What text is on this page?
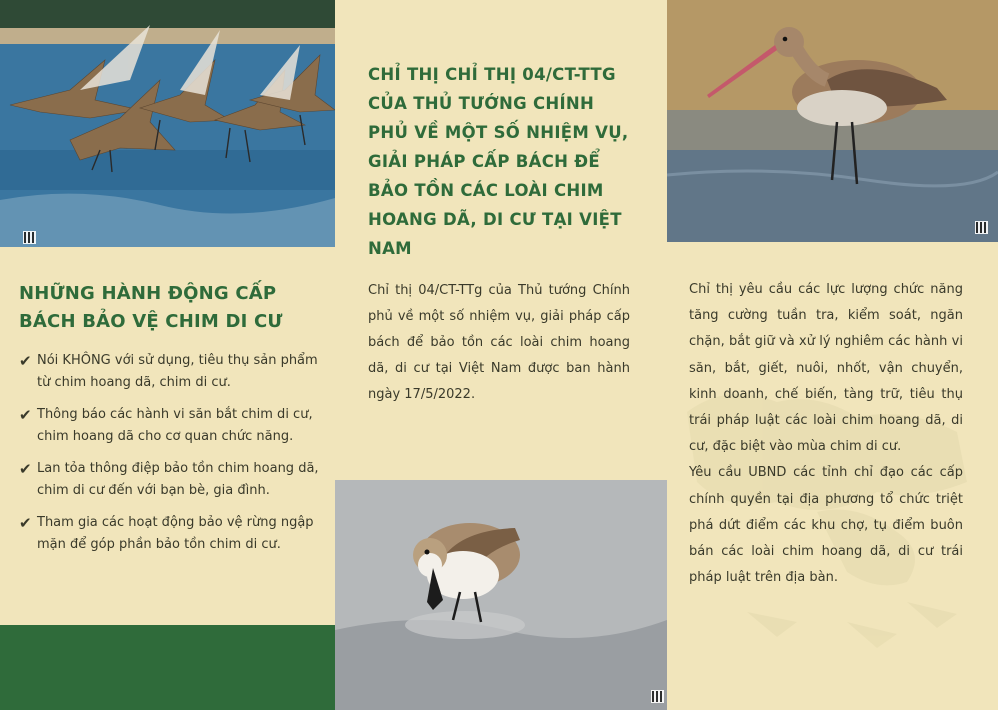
NHỮNG HÀNH ĐỘNG CẤP BÁCH BẢO VỆ CHIM DI CƯ
✔ Nói KHÔNG với sử dụng, tiêu thụ sản phẩm từ chim hoang dã, chim di cư.
✔ Thông báo các hành vi săn bắt chim di cư, chim hoang dã cho cơ quan chức năng.
✔ Lan tỏa thông điệp bảo tồn chim hoang dã, chim di cư đến với bạn bè, gia đình.
✔ Tham gia các hoạt động bảo vệ rừng ngập mặn để góp phần bảo tồn chim di cư.
CHỈ THỊ CHỈ THỊ 04/CT-TTG CỦA THỦ TƯỚNG CHÍNH PHỦ VỀ MỘT SỐ NHIỆM VỤ, GIẢI PHÁP CẤP BÁCH ĐỂ BẢO TỒN CÁC LOÀI CHIM HOANG DÃ, DI CƯ TẠI VIỆT NAM

Chỉ thị 04/CT-TTg của Thủ tướng Chính phủ về một số nhiệm vụ, giải pháp cấp bách để bảo tồn các loài chim hoang dã, di cư tại Việt Nam được ban hành ngày 17/5/2022.

Chỉ thị yêu cầu các lực lượng chức năng tăng cường tuần tra, kiểm soát, ngăn chặn, bắt giữ và xử lý nghiêm các hành vi săn, bắt, giết, nuôi, nhốt, vận chuyển, kinh doanh, chế biến, tàng trữ, tiêu thụ trái pháp luật các loài chim hoang dã, di cư, đặc biệt vào mùa chim di cư.

Yêu cầu UBND các tỉnh chỉ đạo các cấp chính quyền tại địa phương tổ chức triệt phá dứt điểm các khu chợ, tụ điểm buôn bán các loài chim hoang dã, di cư trái pháp luật trên địa bàn.
